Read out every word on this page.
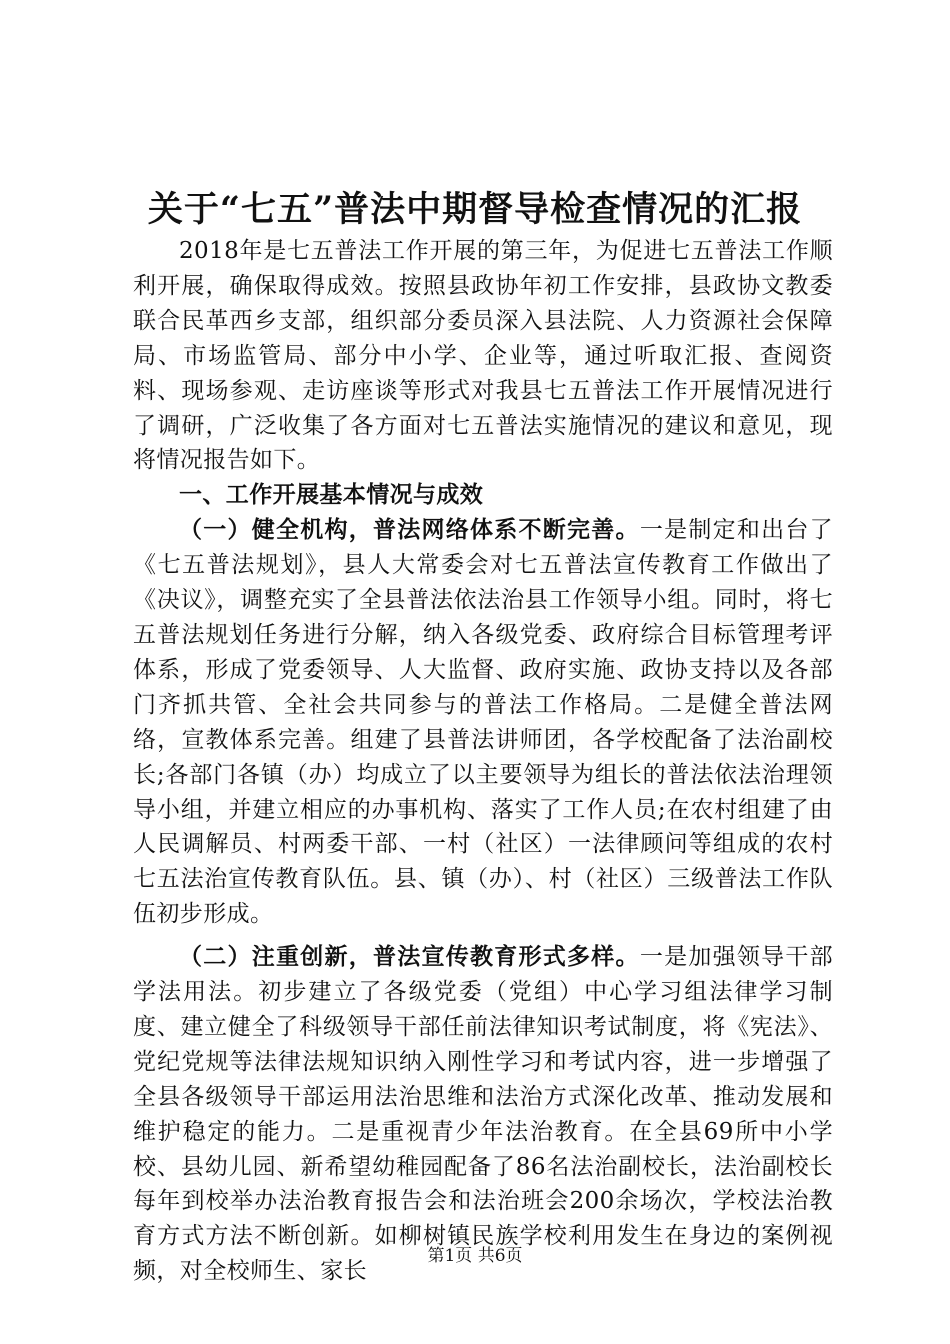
关于“七五”普法中期督导检查情况的汇报

2018年是七五普法工作开展的第三年，为促进七五普法工作顺利开展，确保取得成效。按照县政协年初工作安排，县政协文教委联合民革西乡支部，组织部分委员深入县法院、人力资源社会保障局、市场监管局、部分中小学、企业等，通过听取汇报、查阅资料、现场参观、走访座谈等形式对我县七五普法工作开展情况进行了调研，广泛收集了各方面对七五普法实施情况的建议和意见，现将情况报告如下。

一、工作开展基本情况与成效

（一）健全机构，普法网络体系不断完善。一是制定和出台了《七五普法规划》，县人大常委会对七五普法宣传教育工作做出了《决议》，调整充实了全县普法依法治县工作领导小组。同时，将七五普法规划任务进行分解，纳入各级党委、政府综合目标管理考评体系，形成了党委领导、人大监督、政府实施、政协支持以及各部门齐抓共管、全社会共同参与的普法工作格局。二是健全普法网络，宣教体系完善。组建了县普法讲师团，各学校配备了法治副校长;各部门各镇（办）均成立了以主要领导为组长的普法依法治理领导小组，并建立相应的办事机构、落实了工作人员;在农村组建了由人民调解员、村两委干部、一村（社区）一法律顾问等组成的农村七五法治宣传教育队伍。县、镇（办）、村（社区）三级普法工作队伍初步形成。

（二）注重创新，普法宣传教育形式多样。一是加强领导干部学法用法。初步建立了各级党委（党组）中心学习组法律学习制度、建立健全了科级领导干部任前法律知识考试制度，将《宪法》、党纪党规等法律法规知识纳入刚性学习和考试内容，进一步增强了全县各级领导干部运用法治思维和法治方式深化改革、推动发展和维护稳定的能力。二是重视青少年法治教育。在全县69所中小学校、县幼儿园、新希望幼稚园配备了86名法治副校长，法治副校长每年到校举办法治教育报告会和法治班会200余场次，学校法治教育方式方法不断创新。如柳树镇民族学校利用发生在身边的案例视频，对全校师生、家长

第1页 共6页
